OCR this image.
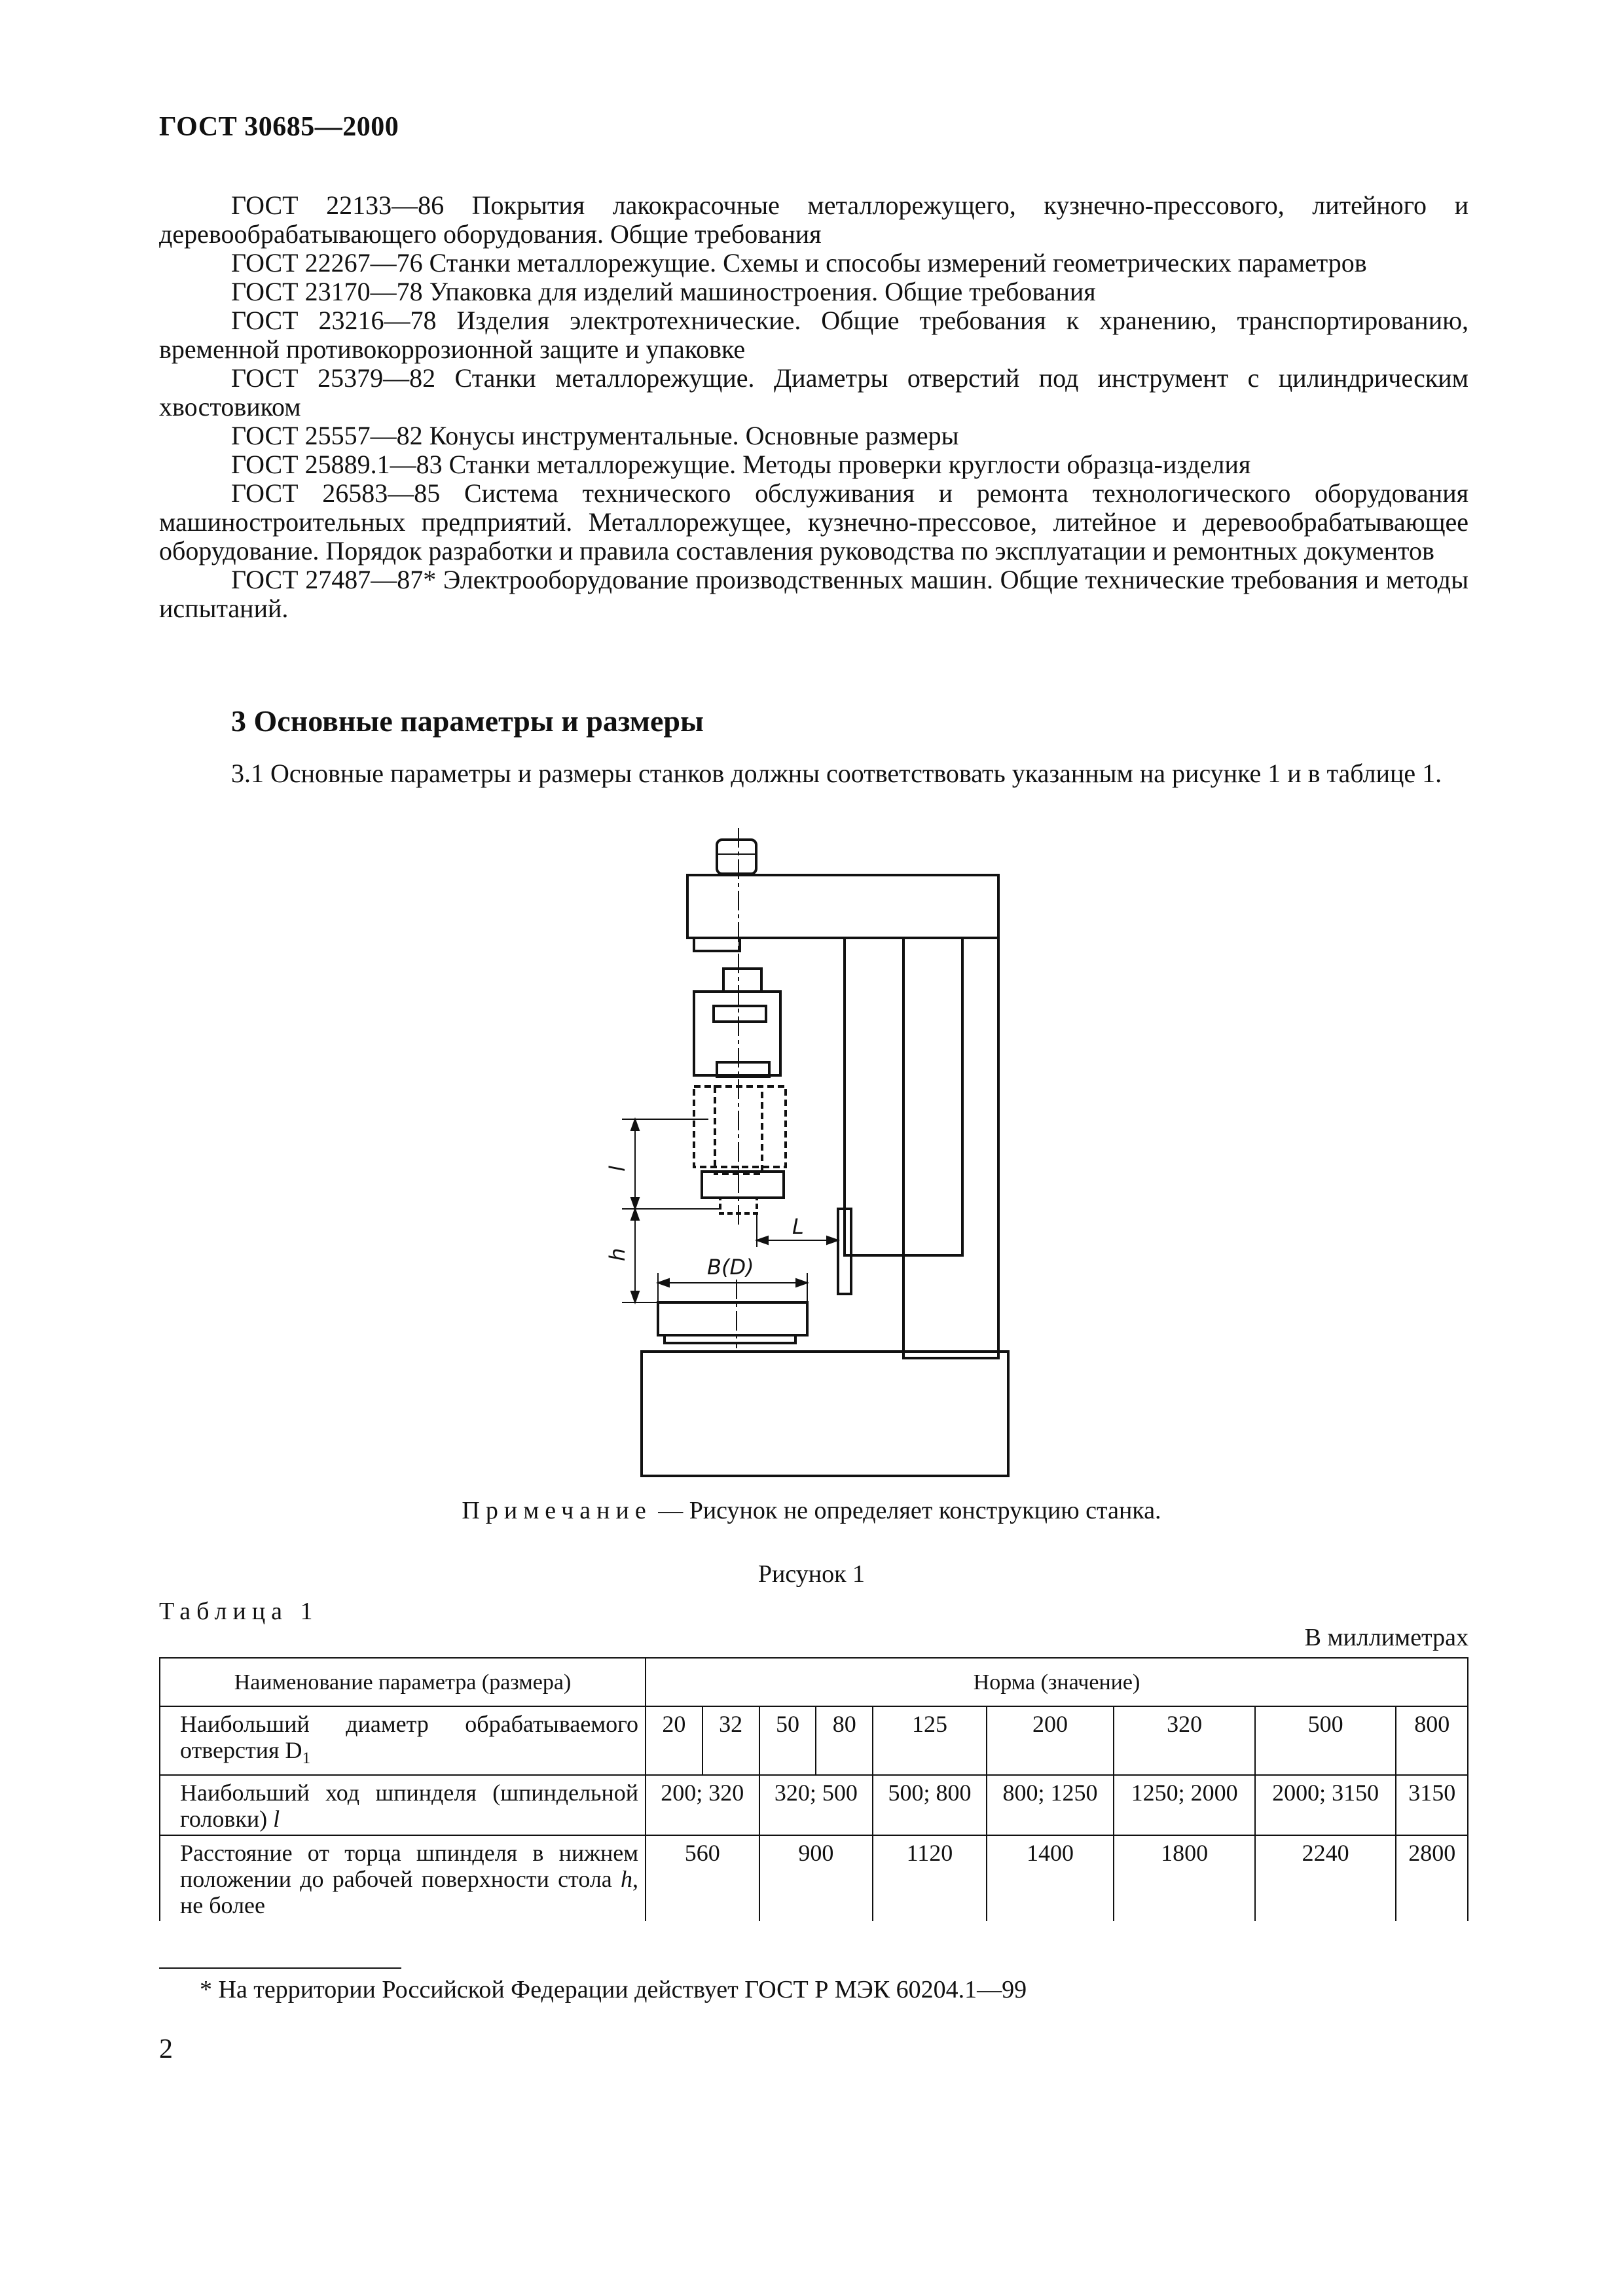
ГОСТ 30685—2000

ГОСТ 22133—86 Покрытия лакокрасочные металлорежущего, кузнечно-прессового, литейного и деревообрабатывающего оборудования. Общие требования

ГОСТ 22267—76 Станки металлорежущие. Схемы и способы измерений геометрических параметров

ГОСТ 23170—78 Упаковка для изделий машиностроения. Общие требования

ГОСТ 23216—78 Изделия электротехнические. Общие требования к хранению, транспортированию, временной противокоррозионной защите и упаковке

ГОСТ 25379—82 Станки металлорежущие. Диаметры отверстий под инструмент с цилиндрическим хвостовиком

ГОСТ 25557—82 Конусы инструментальные. Основные размеры

ГОСТ 25889.1—83 Станки металлорежущие. Методы проверки круглости образца-изделия

ГОСТ 26583—85 Система технического обслуживания и ремонта технологического оборудования машиностроительных предприятий. Металлорежущее, кузнечно-прессовое, литейное и деревообрабатывающее оборудование. Порядок разработки и правила составления руководства по эксплуатации и ремонтных документов

ГОСТ 27487—87* Электрооборудование производственных машин. Общие технические требования и методы испытаний.

3 Основные параметры и размеры
3.1 Основные параметры и размеры станков должны соответствовать указанным на рисунке 1 и в таблице 1.
l
h
L
B(D)
Примечание — Рисунок не определяет конструкцию станка.
Рисунок 1
Таблица 1
В миллиметрах
Наименование параметра (размера)	Норма (значение)								
Наибольший диаметр обрабатываемого отверстия $D_1$	20	32	50	80	125	200	320	500	800
Наибольший ход шпинделя (шпиндельной головки) l	200; 320		320; 500		500; 800	800; 1250	1250; 2000	2000; 3150	3150
Расстояние от торца шпинделя в нижнем положении до рабочей поверхности стола h, не более	560		900		1120	1400	1800	2240	2800
* На территории Российской Федерации действует ГОСТ Р МЭК 60204.1—99
2
